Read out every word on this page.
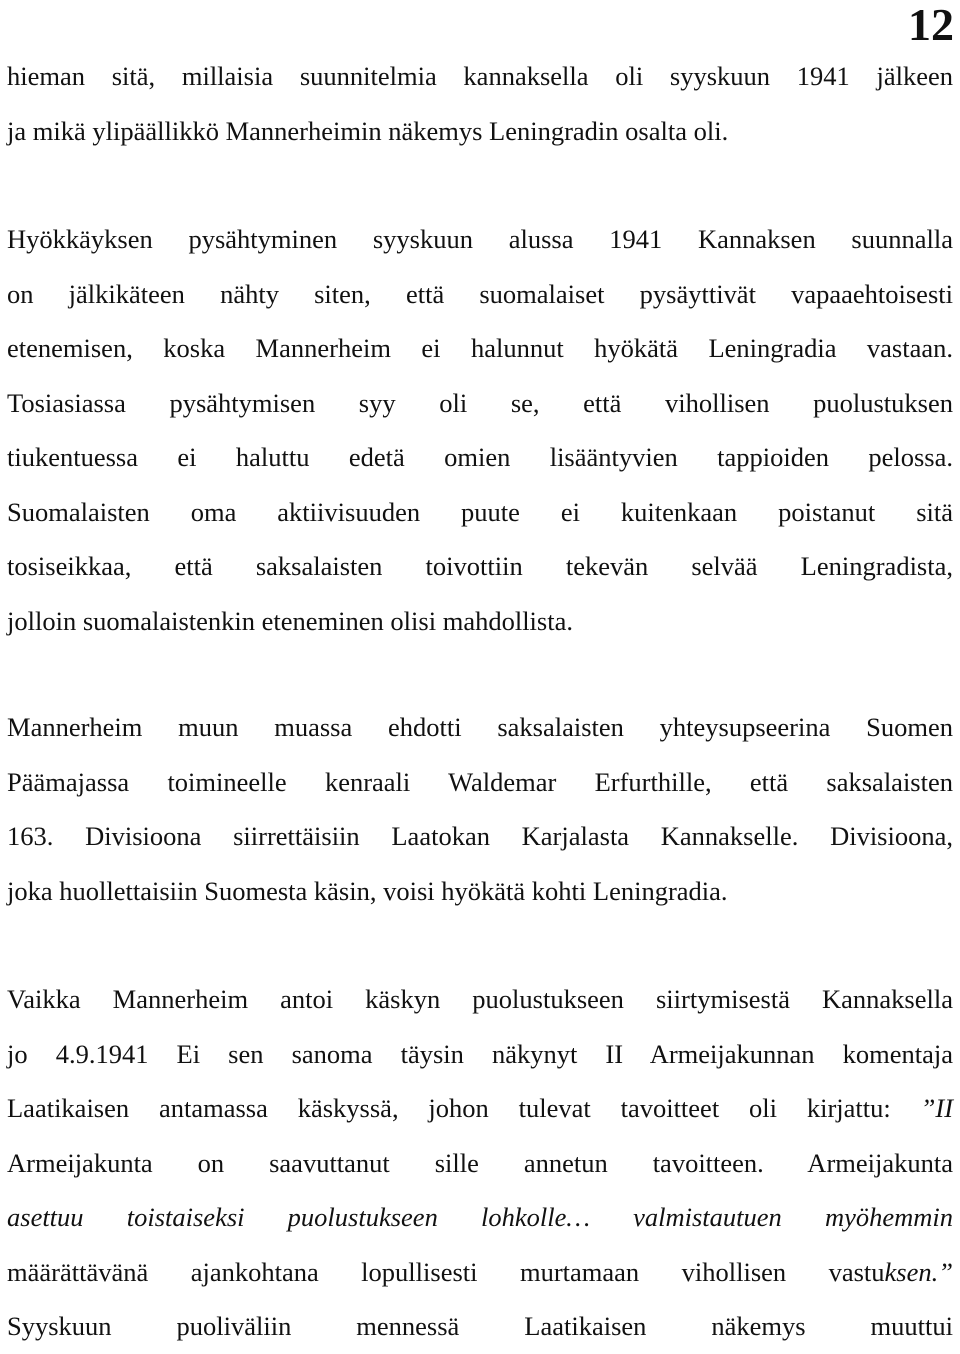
12
hieman sitä, millaisia suunnitelmia kannaksella oli syyskuun 1941 jälkeen
ja mikä ylipäällikkö Mannerheimin näkemys Leningradin osalta oli.
Hyökkäyksen pysähtyminen syyskuun alussa 1941 Kannaksen suunnalla
on jälkikäteen nähty siten, että suomalaiset pysäyttivät vapaaehtoisesti
etenemisen, koska Mannerheim ei halunnut hyökätä Leningradia vastaan.
Tosiasiassa pysähtymisen syy oli se, että vihollisen puolustuksen
tiukentuessa ei haluttu edetä omien lisääntyvien tappioiden pelossa.
Suomalaisten oma aktiivisuuden puute ei kuitenkaan poistanut sitä
tosiseikkaa, että saksalaisten toivottiin tekevän selvää Leningradista,
jolloin suomalaistenkin eteneminen olisi mahdollista.
Mannerheim muun muassa ehdotti saksalaisten yhteysupseerina Suomen
Päämajassa toimineelle kenraali Waldemar Erfurthille, että saksalaisten
163. Divisioona siirrettäisiin Laatokan Karjalasta Kannakselle. Divisioona,
joka huollettaisiin Suomesta käsin, voisi hyökätä kohti Leningradia.
Vaikka Mannerheim antoi käskyn puolustukseen siirtymisestä Kannaksella
jo 4.9.1941 Ei sen sanoma täysin näkynyt II Armeijakunnan komentaja
Laatikaisen antamassa käskyssä, johon tulevat tavoitteet oli kirjattu: ”II
Armeijakunta on saavuttanut sille annetun tavoitteen. Armeijakunta
asettuu toistaiseksi puolustukseen lohkolle… valmistautuen myöhemmin
määrättävänä ajankohtana lopullisesti murtamaan vihollisen vastuksen.”
Syyskuun puoliväliin mennessä Laatikaisen näkemys muuttui
